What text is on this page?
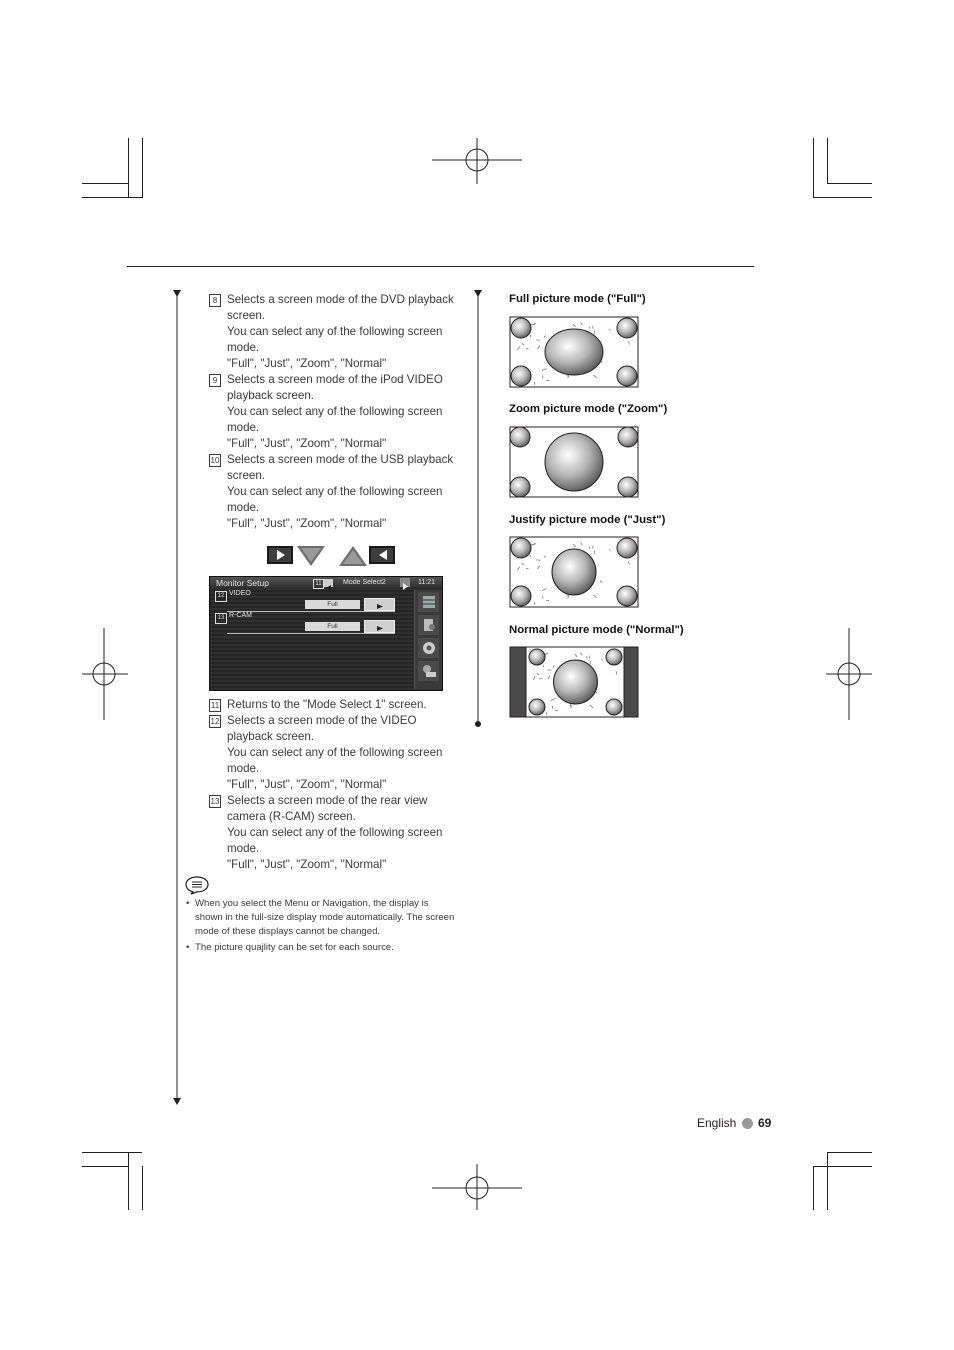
8 Selects a screen mode of the DVD playback
screen.
You can select any of the following screen
mode.
"Full", "Just", "Zoom", "Normal"
9 Selects a screen mode of the iPod VIDEO
playback screen.
You can select any of the following screen
mode.
"Full", "Just", "Zoom", "Normal"
10 Selects a screen mode of the USB playback
screen.
You can select any of the following screen
mode.
"Full", "Just", "Zoom", "Normal"
Monitor Setup	11	Mode Select2	11:21
12 VIDEO
Full
13 R-CAM
Full
11 Returns to the "Mode Select 1" screen.
12 Selects a screen mode of the VIDEO
playback screen.
You can select any of the following screen
mode.
"Full", "Just", "Zoom", "Normal"
13 Selects a screen mode of the rear view
camera (R-CAM) screen.
You can select any of the following screen
mode.
"Full", "Just", "Zoom", "Normal"
• When you select the Menu or Navigation, the display is shown in the full-size display mode automatically. The screen mode of these displays cannot be changed.
• The picture quajlity can be set for each source.
Full picture mode ("Full")
Zoom picture mode ("Zoom")
Justify picture mode ("Just")
Normal picture mode ("Normal")
English 69
